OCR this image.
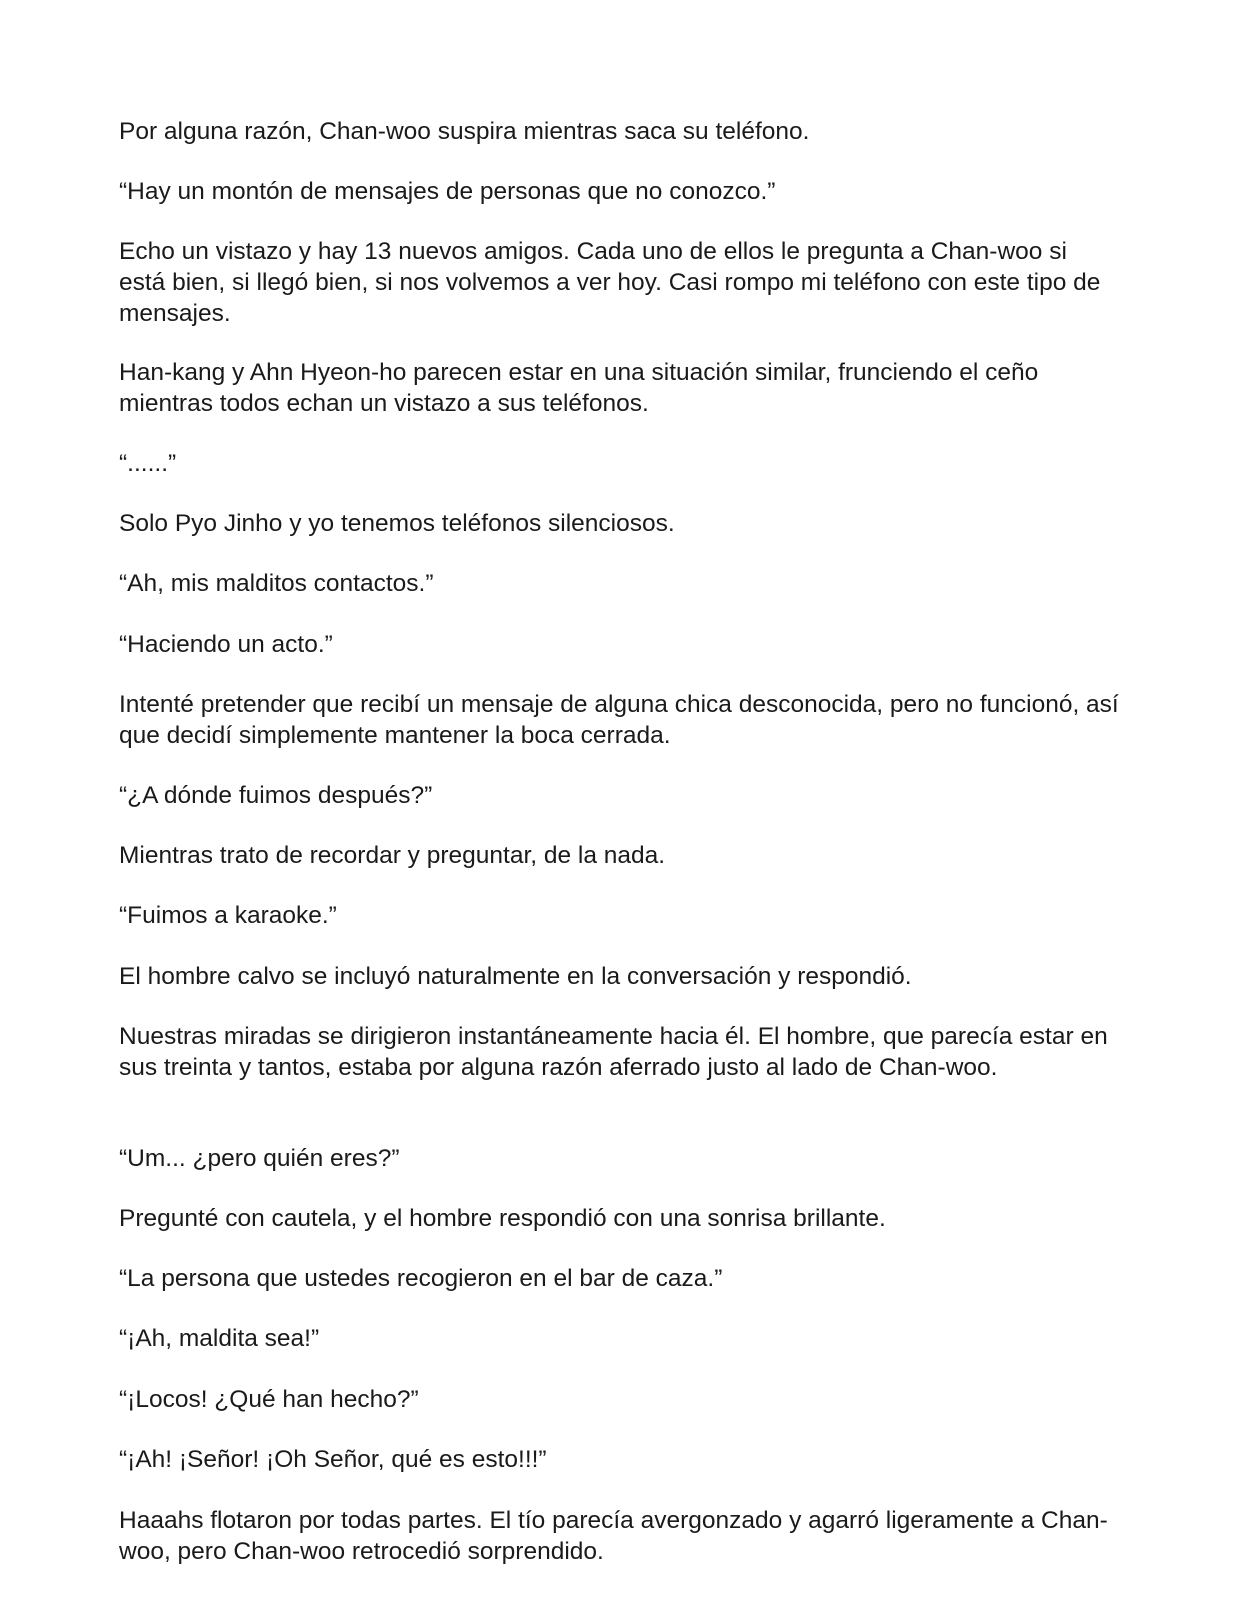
Por alguna razón, Chan-woo suspira mientras saca su teléfono.

“Hay un montón de mensajes de personas que no conozco.”

Echo un vistazo y hay 13 nuevos amigos. Cada uno de ellos le pregunta a Chan-woo si está bien, si llegó bien, si nos volvemos a ver hoy. Casi rompo mi teléfono con este tipo de mensajes.

Han-kang y Ahn Hyeon-ho parecen estar en una situación similar, frunciendo el ceño mientras todos echan un vistazo a sus teléfonos.

“......”

Solo Pyo Jinho y yo tenemos teléfonos silenciosos.

“Ah, mis malditos contactos.”

“Haciendo un acto.”

Intenté pretender que recibí un mensaje de alguna chica desconocida, pero no funcionó, así que decidí simplemente mantener la boca cerrada.

“¿A dónde fuimos después?”

Mientras trato de recordar y preguntar, de la nada.

“Fuimos a karaoke.”

El hombre calvo se incluyó naturalmente en la conversación y respondió.

Nuestras miradas se dirigieron instantáneamente hacia él. El hombre, que parecía estar en sus treinta y tantos, estaba por alguna razón aferrado justo al lado de Chan-woo.

“Um... ¿pero quién eres?”

Pregunté con cautela, y el hombre respondió con una sonrisa brillante.

“La persona que ustedes recogieron en el bar de caza.”

“¡Ah, maldita sea!”

“¡Locos! ¿Qué han hecho?”

“¡Ah! ¡Señor! ¡Oh Señor, qué es esto!!!”

Haaahs flotaron por todas partes. El tío parecía avergonzado y agarró ligeramente a Chan-woo, pero Chan-woo retrocedió sorprendido.
